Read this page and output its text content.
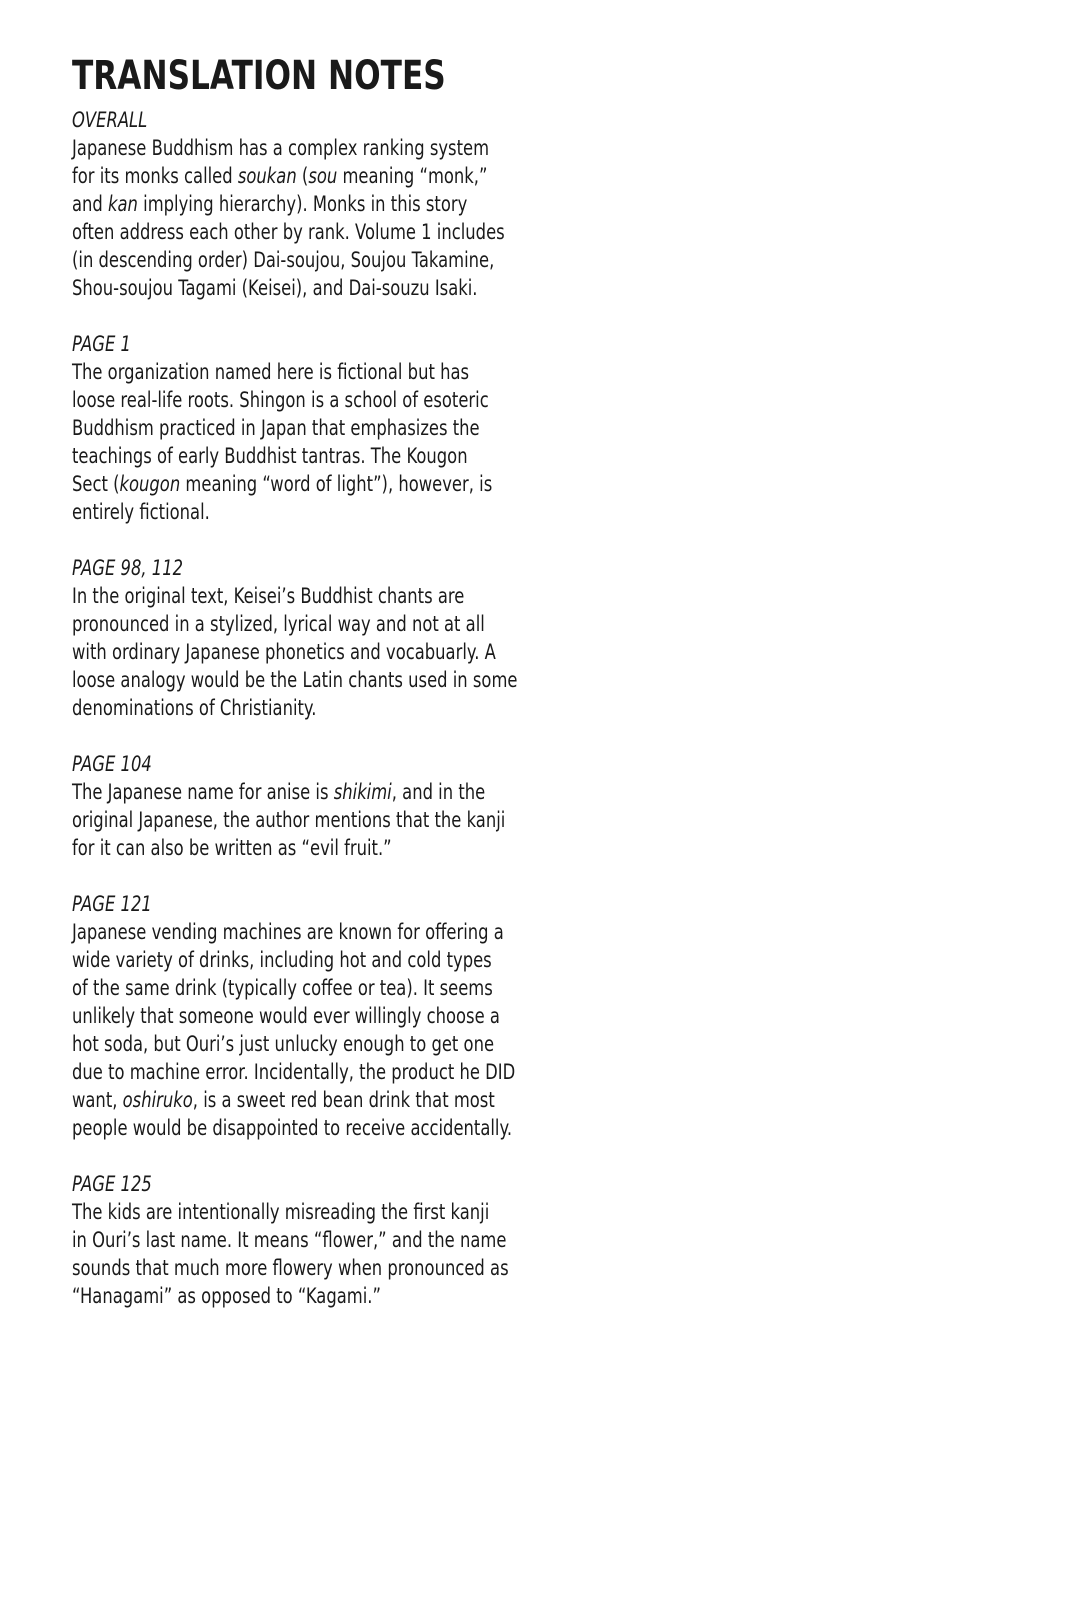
TRANSLATION NOTES
OVERALL
Japanese Buddhism has a complex ranking system
for its monks called soukan (sou meaning “monk,”
and kan implying hierarchy). Monks in this story
often address each other by rank. Volume 1 includes
(in descending order) Dai-soujou, Soujou Takamine,
Shou-soujou Tagami (Keisei), and Dai-souzu Isaki.
PAGE 1
The organization named here is fictional but has
loose real-life roots. Shingon is a school of esoteric
Buddhism practiced in Japan that emphasizes the
teachings of early Buddhist tantras. The Kougon
Sect (kougon meaning “word of light”), however, is
entirely fictional.
PAGE 98, 112
In the original text, Keisei’s Buddhist chants are
pronounced in a stylized, lyrical way and not at all
with ordinary Japanese phonetics and vocabuarly. A
loose analogy would be the Latin chants used in some
denominations of Christianity.
PAGE 104
The Japanese name for anise is shikimi, and in the
original Japanese, the author mentions that the kanji
for it can also be written as “evil fruit.”
PAGE 121
Japanese vending machines are known for offering a
wide variety of drinks, including hot and cold types
of the same drink (typically coffee or tea). It seems
unlikely that someone would ever willingly choose a
hot soda, but Ouri’s just unlucky enough to get one
due to machine error. Incidentally, the product he DID
want, oshiruko, is a sweet red bean drink that most
people would be disappointed to receive accidentally.
PAGE 125
The kids are intentionally misreading the first kanji
in Ouri’s last name. It means “flower,” and the name
sounds that much more flowery when pronounced as
“Hanagami” as opposed to “Kagami.”
